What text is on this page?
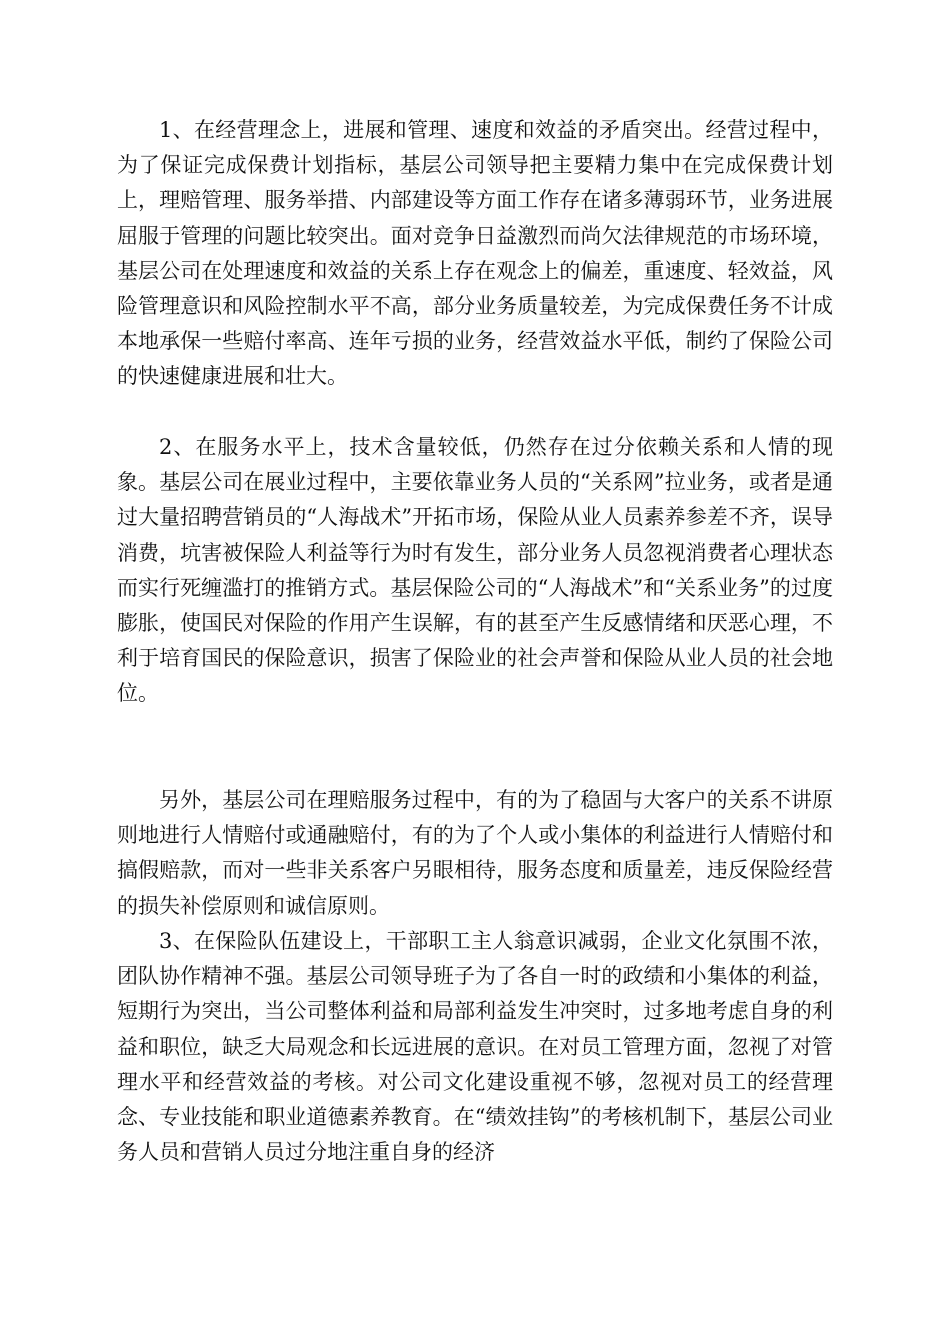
1、在经营理念上，进展和管理、速度和效益的矛盾突出。经营过程中，为了保证完成保费计划指标，基层公司领导把主要精力集中在完成保费计划上，理赔管理、服务举措、内部建设等方面工作存在诸多薄弱环节，业务进展屈服于管理的问题比较突出。面对竞争日益激烈而尚欠法律规范的市场环境，基层公司在处理速度和效益的关系上存在观念上的偏差，重速度、轻效益，风险管理意识和风险控制水平不高，部分业务质量较差，为完成保费任务不计成本地承保一些赔付率高、连年亏损的业务，经营效益水平低，制约了保险公司的快速健康进展和壮大。

2、在服务水平上，技术含量较低，仍然存在过分依赖关系和人情的现象。基层公司在展业过程中，主要依靠业务人员的“关系网”拉业务，或者是通过大量招聘营销员的“人海战术”开拓市场，保险从业人员素养参差不齐，误导消费，坑害被保险人利益等行为时有发生，部分业务人员忽视消费者心理状态而实行死缠滥打的推销方式。基层保险公司的“人海战术”和“关系业务”的过度膨胀，使国民对保险的作用产生误解，有的甚至产生反感情绪和厌恶心理，不利于培育国民的保险意识，损害了保险业的社会声誉和保险从业人员的社会地位。

另外，基层公司在理赔服务过程中，有的为了稳固与大客户的关系不讲原则地进行人情赔付或通融赔付，有的为了个人或小集体的利益进行人情赔付和搞假赔款，而对一些非关系客户另眼相待，服务态度和质量差，违反保险经营的损失补偿原则和诚信原则。

3、在保险队伍建设上，干部职工主人翁意识减弱，企业文化氛围不浓，团队协作精神不强。基层公司领导班子为了各自一时的政绩和小集体的利益，短期行为突出，当公司整体利益和局部利益发生冲突时，过多地考虑自身的利益和职位，缺乏大局观念和长远进展的意识。在对员工管理方面，忽视了对管理水平和经营效益的考核。对公司文化建设重视不够，忽视对员工的经营理念、专业技能和职业道德素养教育。在“绩效挂钩”的考核机制下，基层公司业务人员和营销人员过分地注重自身的经济
